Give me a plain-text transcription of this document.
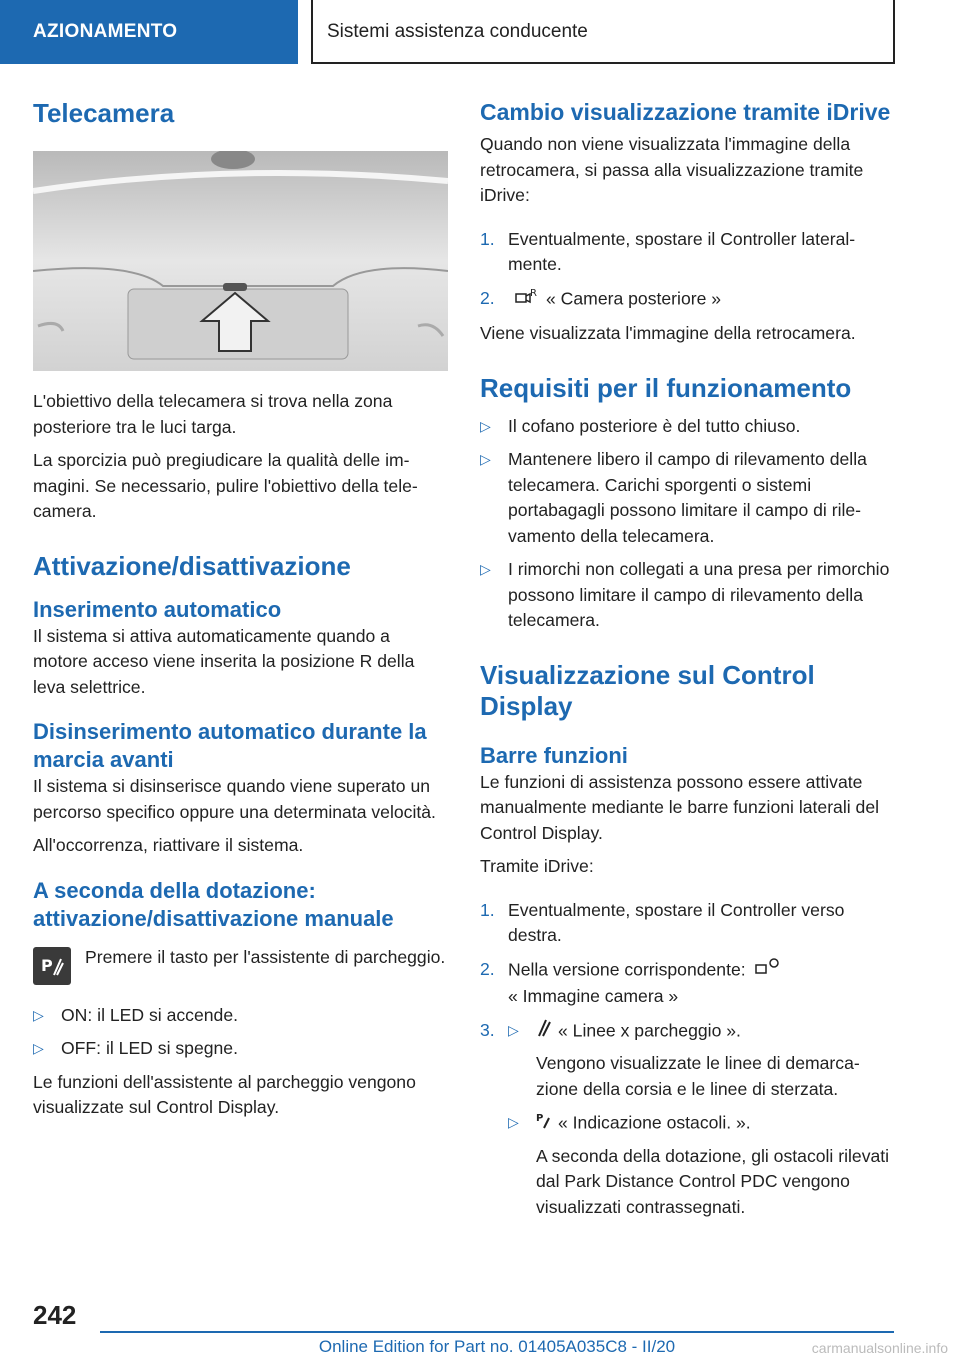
AZIONAMENTO	Sistemi assistenza conducente
Telecamera

L'obiettivo della telecamera si trova nella zona posteriore tra le luci targa.

La sporcizia può pregiudicare la qualità delle immagini. Se necessario, pulire l'obiettivo della telecamera.

Attivazione/disattivazione
Inserimento automatico

Il sistema si attiva automaticamente quando a motore acceso viene inserita la posizione R della leva selettrice.

Disinserimento automatico durante la marcia avanti

Il sistema si disinserisce quando viene superato un percorso specifico oppure una determinata velocità.

All'occorrenza, riattivare il sistema.

A seconda della dotazione: attivazione/disattivazione manuale
P Premere il tasto per l'assistente di parcheggio.

▷ ON: il LED si accende.
▷ OFF: il LED si spegne.

Le funzioni dell'assistente al parcheggio vengono visualizzate sul Control Display.

Cambio visualizzazione tramite iDrive

Quando non viene visualizzata l'immagine della retrocamera, si passa alla visualizzazione tramite iDrive:

1. Eventualmente, spostare il Controller lateralmente.
2.	R « Camera posteriore »

Viene visualizzata l'immagine della retrocamera.

Requisiti per il funzionamento
▷ Il cofano posteriore è del tutto chiuso.
▷ Mantenere libero il campo di rilevamento della telecamera. Carichi sporgenti o sistemi portabagagli possono limitare il campo di rilevamento della telecamera.
▷ I rimorchi non collegati a una presa per rimorchio possono limitare il campo di rilevamento della telecamera.
Visualizzazione sul Control Display
Barre funzioni

Le funzioni di assistenza possono essere attivate manualmente mediante le barre funzioni laterali del Control Display.

Tramite iDrive:

1. Eventualmente, spostare il Controller verso destra.
2. Nella versione corrispondente:
« Immagine camera »
3. ▷	« Linee x parcheggio ».

Vengono visualizzate le linee di demarcazione della corsia e le linee di sterzata.

▷	P « Indicazione ostacoli. ».

A seconda della dotazione, gli ostacoli rilevati dal Park Distance Control PDC vengono visualizzati contrassegnati.

242
Online Edition for Part no. 01405A035C8 - II/20	carmanualsonline.info
